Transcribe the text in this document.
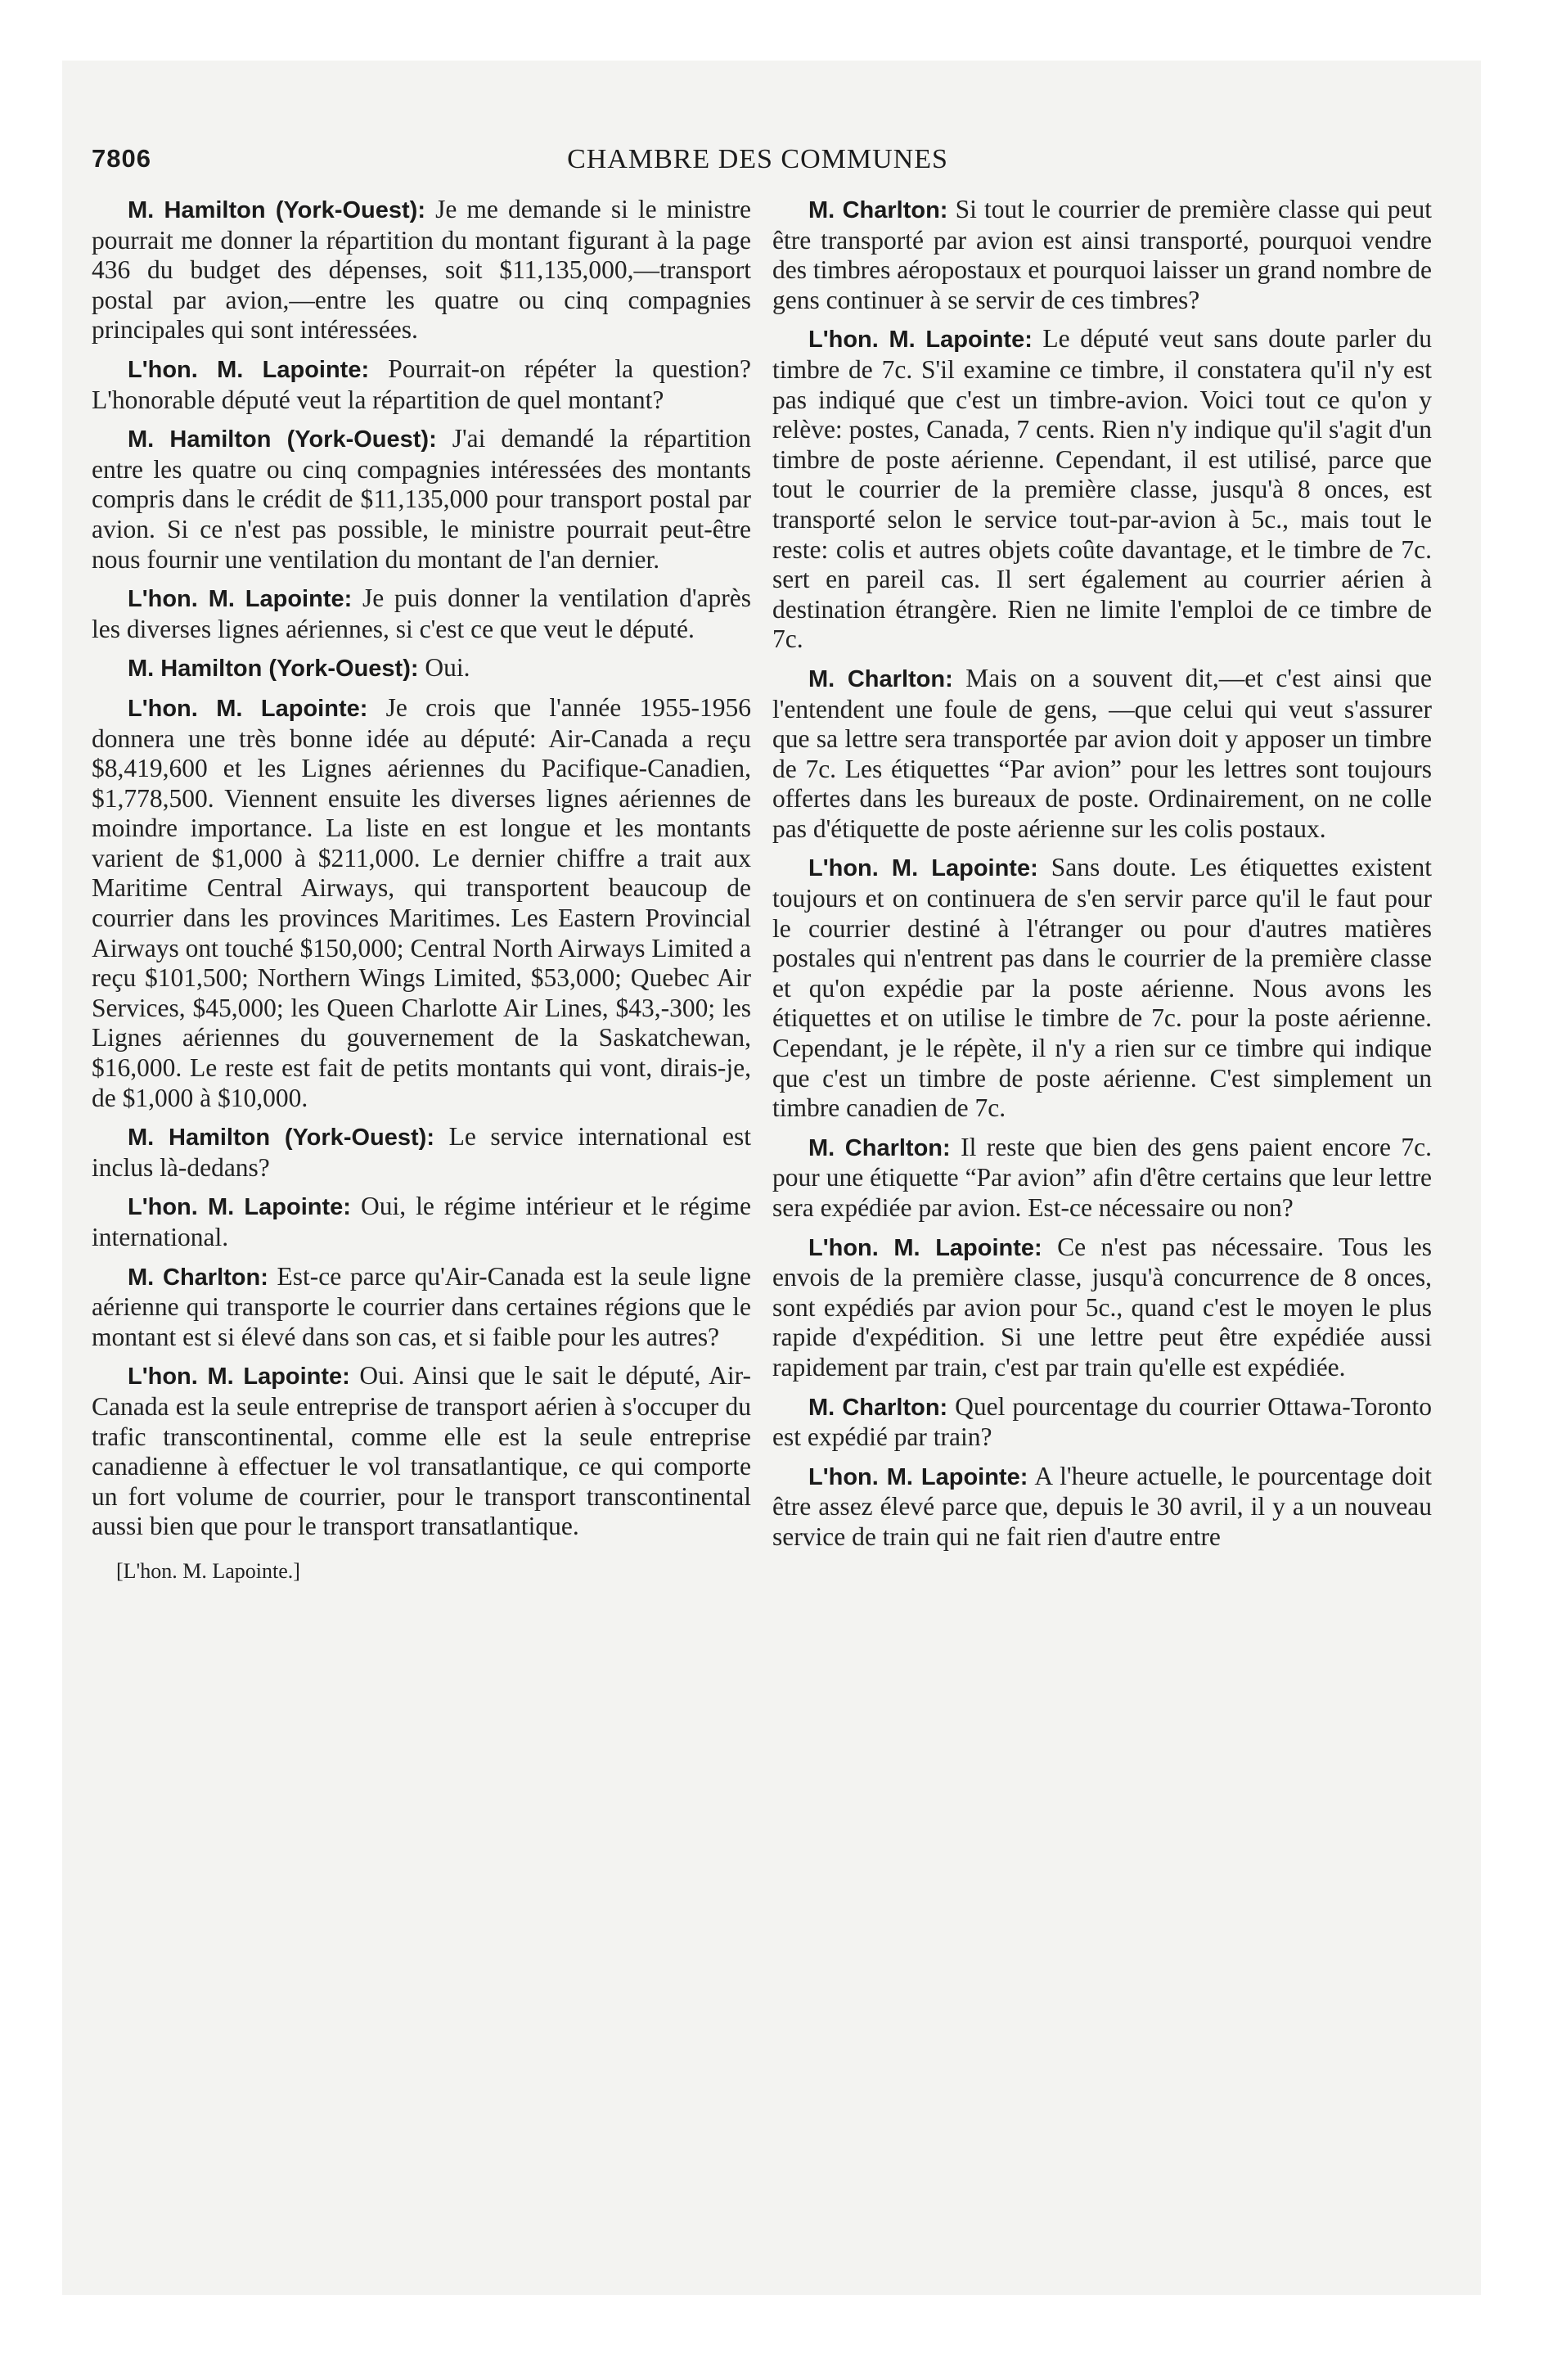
7806	CHAMBRE DES COMMUNES

M. Hamilton (York-Ouest): Je me demande si le ministre pourrait me donner la répartition du montant figurant à la page 436 du budget des dépenses, soit $11,135,000,—transport postal par avion,—entre les quatre ou cinq compagnies principales qui sont intéressées.

L'hon. M. Lapointe: Pourrait-on répéter la question? L'honorable député veut la répartition de quel montant?

M. Hamilton (York-Ouest): J'ai demandé la répartition entre les quatre ou cinq compagnies intéressées des montants compris dans le crédit de $11,135,000 pour transport postal par avion. Si ce n'est pas possible, le ministre pourrait peut-être nous fournir une ventilation du montant de l'an dernier.

L'hon. M. Lapointe: Je puis donner la ventilation d'après les diverses lignes aériennes, si c'est ce que veut le député.

M. Hamilton (York-Ouest): Oui.

L'hon. M. Lapointe: Je crois que l'année 1955-1956 donnera une très bonne idée au député: Air-Canada a reçu $8,419,600 et les Lignes aériennes du Pacifique-Canadien, $1,778,500. Viennent ensuite les diverses lignes aériennes de moindre importance. La liste en est longue et les montants varient de $1,000 à $211,000. Le dernier chiffre a trait aux Maritime Central Airways, qui transportent beaucoup de courrier dans les provinces Maritimes. Les Eastern Provincial Airways ont touché $150,000; Central North Airways Limited a reçu $101,500; Northern Wings Limited, $53,000; Quebec Air Services, $45,000; les Queen Charlotte Air Lines, $43,-300; les Lignes aériennes du gouvernement de la Saskatchewan, $16,000. Le reste est fait de petits montants qui vont, dirais-je, de $1,000 à $10,000.

M. Hamilton (York-Ouest): Le service international est inclus là-dedans?

L'hon. M. Lapointe: Oui, le régime intérieur et le régime international.

M. Charlton: Est-ce parce qu'Air-Canada est la seule ligne aérienne qui transporte le courrier dans certaines régions que le montant est si élevé dans son cas, et si faible pour les autres?

L'hon. M. Lapointe: Oui. Ainsi que le sait le député, Air-Canada est la seule entreprise de transport aérien à s'occuper du trafic transcontinental, comme elle est la seule entreprise canadienne à effectuer le vol transatlantique, ce qui comporte un fort volume de courrier, pour le transport transcontinental aussi bien que pour le transport transatlantique.

[L'hon. M. Lapointe.]

M. Charlton: Si tout le courrier de première classe qui peut être transporté par avion est ainsi transporté, pourquoi vendre des timbres aéropostaux et pourquoi laisser un grand nombre de gens continuer à se servir de ces timbres?

L'hon. M. Lapointe: Le député veut sans doute parler du timbre de 7c. S'il examine ce timbre, il constatera qu'il n'y est pas indiqué que c'est un timbre-avion. Voici tout ce qu'on y relève: postes, Canada, 7 cents. Rien n'y indique qu'il s'agit d'un timbre de poste aérienne. Cependant, il est utilisé, parce que tout le courrier de la première classe, jusqu'à 8 onces, est transporté selon le service tout-par-avion à 5c., mais tout le reste: colis et autres objets coûte davantage, et le timbre de 7c. sert en pareil cas. Il sert également au courrier aérien à destination étrangère. Rien ne limite l'emploi de ce timbre de 7c.

M. Charlton: Mais on a souvent dit,—et c'est ainsi que l'entendent une foule de gens, —que celui qui veut s'assurer que sa lettre sera transportée par avion doit y apposer un timbre de 7c. Les étiquettes “Par avion” pour les lettres sont toujours offertes dans les bureaux de poste. Ordinairement, on ne colle pas d'étiquette de poste aérienne sur les colis postaux.

L'hon. M. Lapointe: Sans doute. Les étiquettes existent toujours et on continuera de s'en servir parce qu'il le faut pour le courrier destiné à l'étranger ou pour d'autres matières postales qui n'entrent pas dans le courrier de la première classe et qu'on expédie par la poste aérienne. Nous avons les étiquettes et on utilise le timbre de 7c. pour la poste aérienne. Cependant, je le répète, il n'y a rien sur ce timbre qui indique que c'est un timbre de poste aérienne. C'est simplement un timbre canadien de 7c.

M. Charlton: Il reste que bien des gens paient encore 7c. pour une étiquette “Par avion” afin d'être certains que leur lettre sera expédiée par avion. Est-ce nécessaire ou non?

L'hon. M. Lapointe: Ce n'est pas nécessaire. Tous les envois de la première classe, jusqu'à concurrence de 8 onces, sont expédiés par avion pour 5c., quand c'est le moyen le plus rapide d'expédition. Si une lettre peut être expédiée aussi rapidement par train, c'est par train qu'elle est expédiée.

M. Charlton: Quel pourcentage du courrier Ottawa-Toronto est expédié par train?

L'hon. M. Lapointe: A l'heure actuelle, le pourcentage doit être assez élevé parce que, depuis le 30 avril, il y a un nouveau service de train qui ne fait rien d'autre entre
